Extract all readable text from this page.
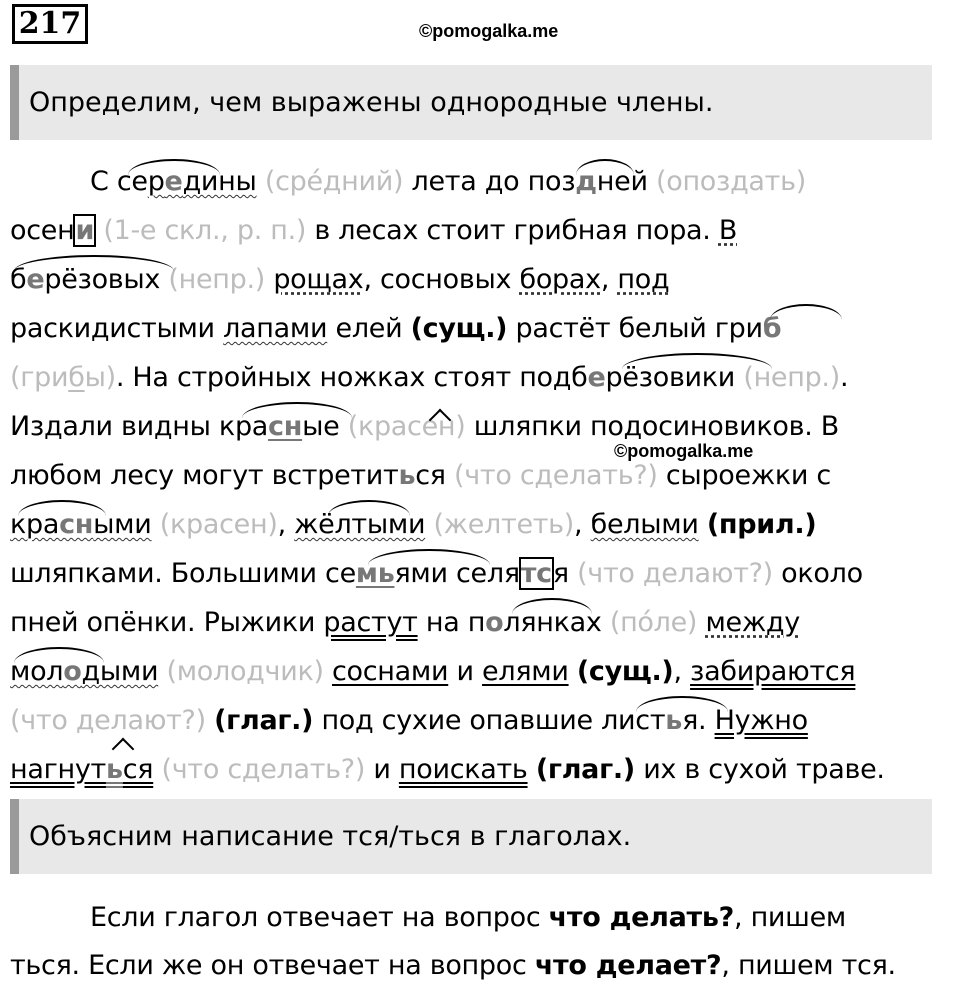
217	©pomogalka.me
Определим, чем выражены однородные члены.
С середины (сре́дний) лета до поздней (опоздать)
осени (1-е скл., р. п.) в лесах стоит грибная пора. В
берёзовых (непр.) рощах, сосновых борах, под
раскидистыми лапами елей (сущ.) растёт белый гриб
(грибы). На стройных ножках стоят подберёзовики (непр.).
Издали видны красные (красен) шляпки подосиновиков. В
любом лесу могут встретиться (что сделать?) сыроежки с
красными (красен), жёлтыми (желтеть), белыми (прил.)
шляпками. Большими семьями селятся (что делают?) около
пней опёнки. Рыжики растут на полянках (по́ле) между
молодыми (молодчик) соснами и елями (сущ.), забираются
(что делают?) (глаг.) под сухие опавшие листья. Нужно
нагнуться (что сделать?) и поискать (глаг.) их в сухой траве.
©pomogalka.me
Объясним написание тся/ться в глаголах.
Если глагол отвечает на вопрос что делать?, пишем
ться. Если же он отвечает на вопрос что делает?, пишем тся.
